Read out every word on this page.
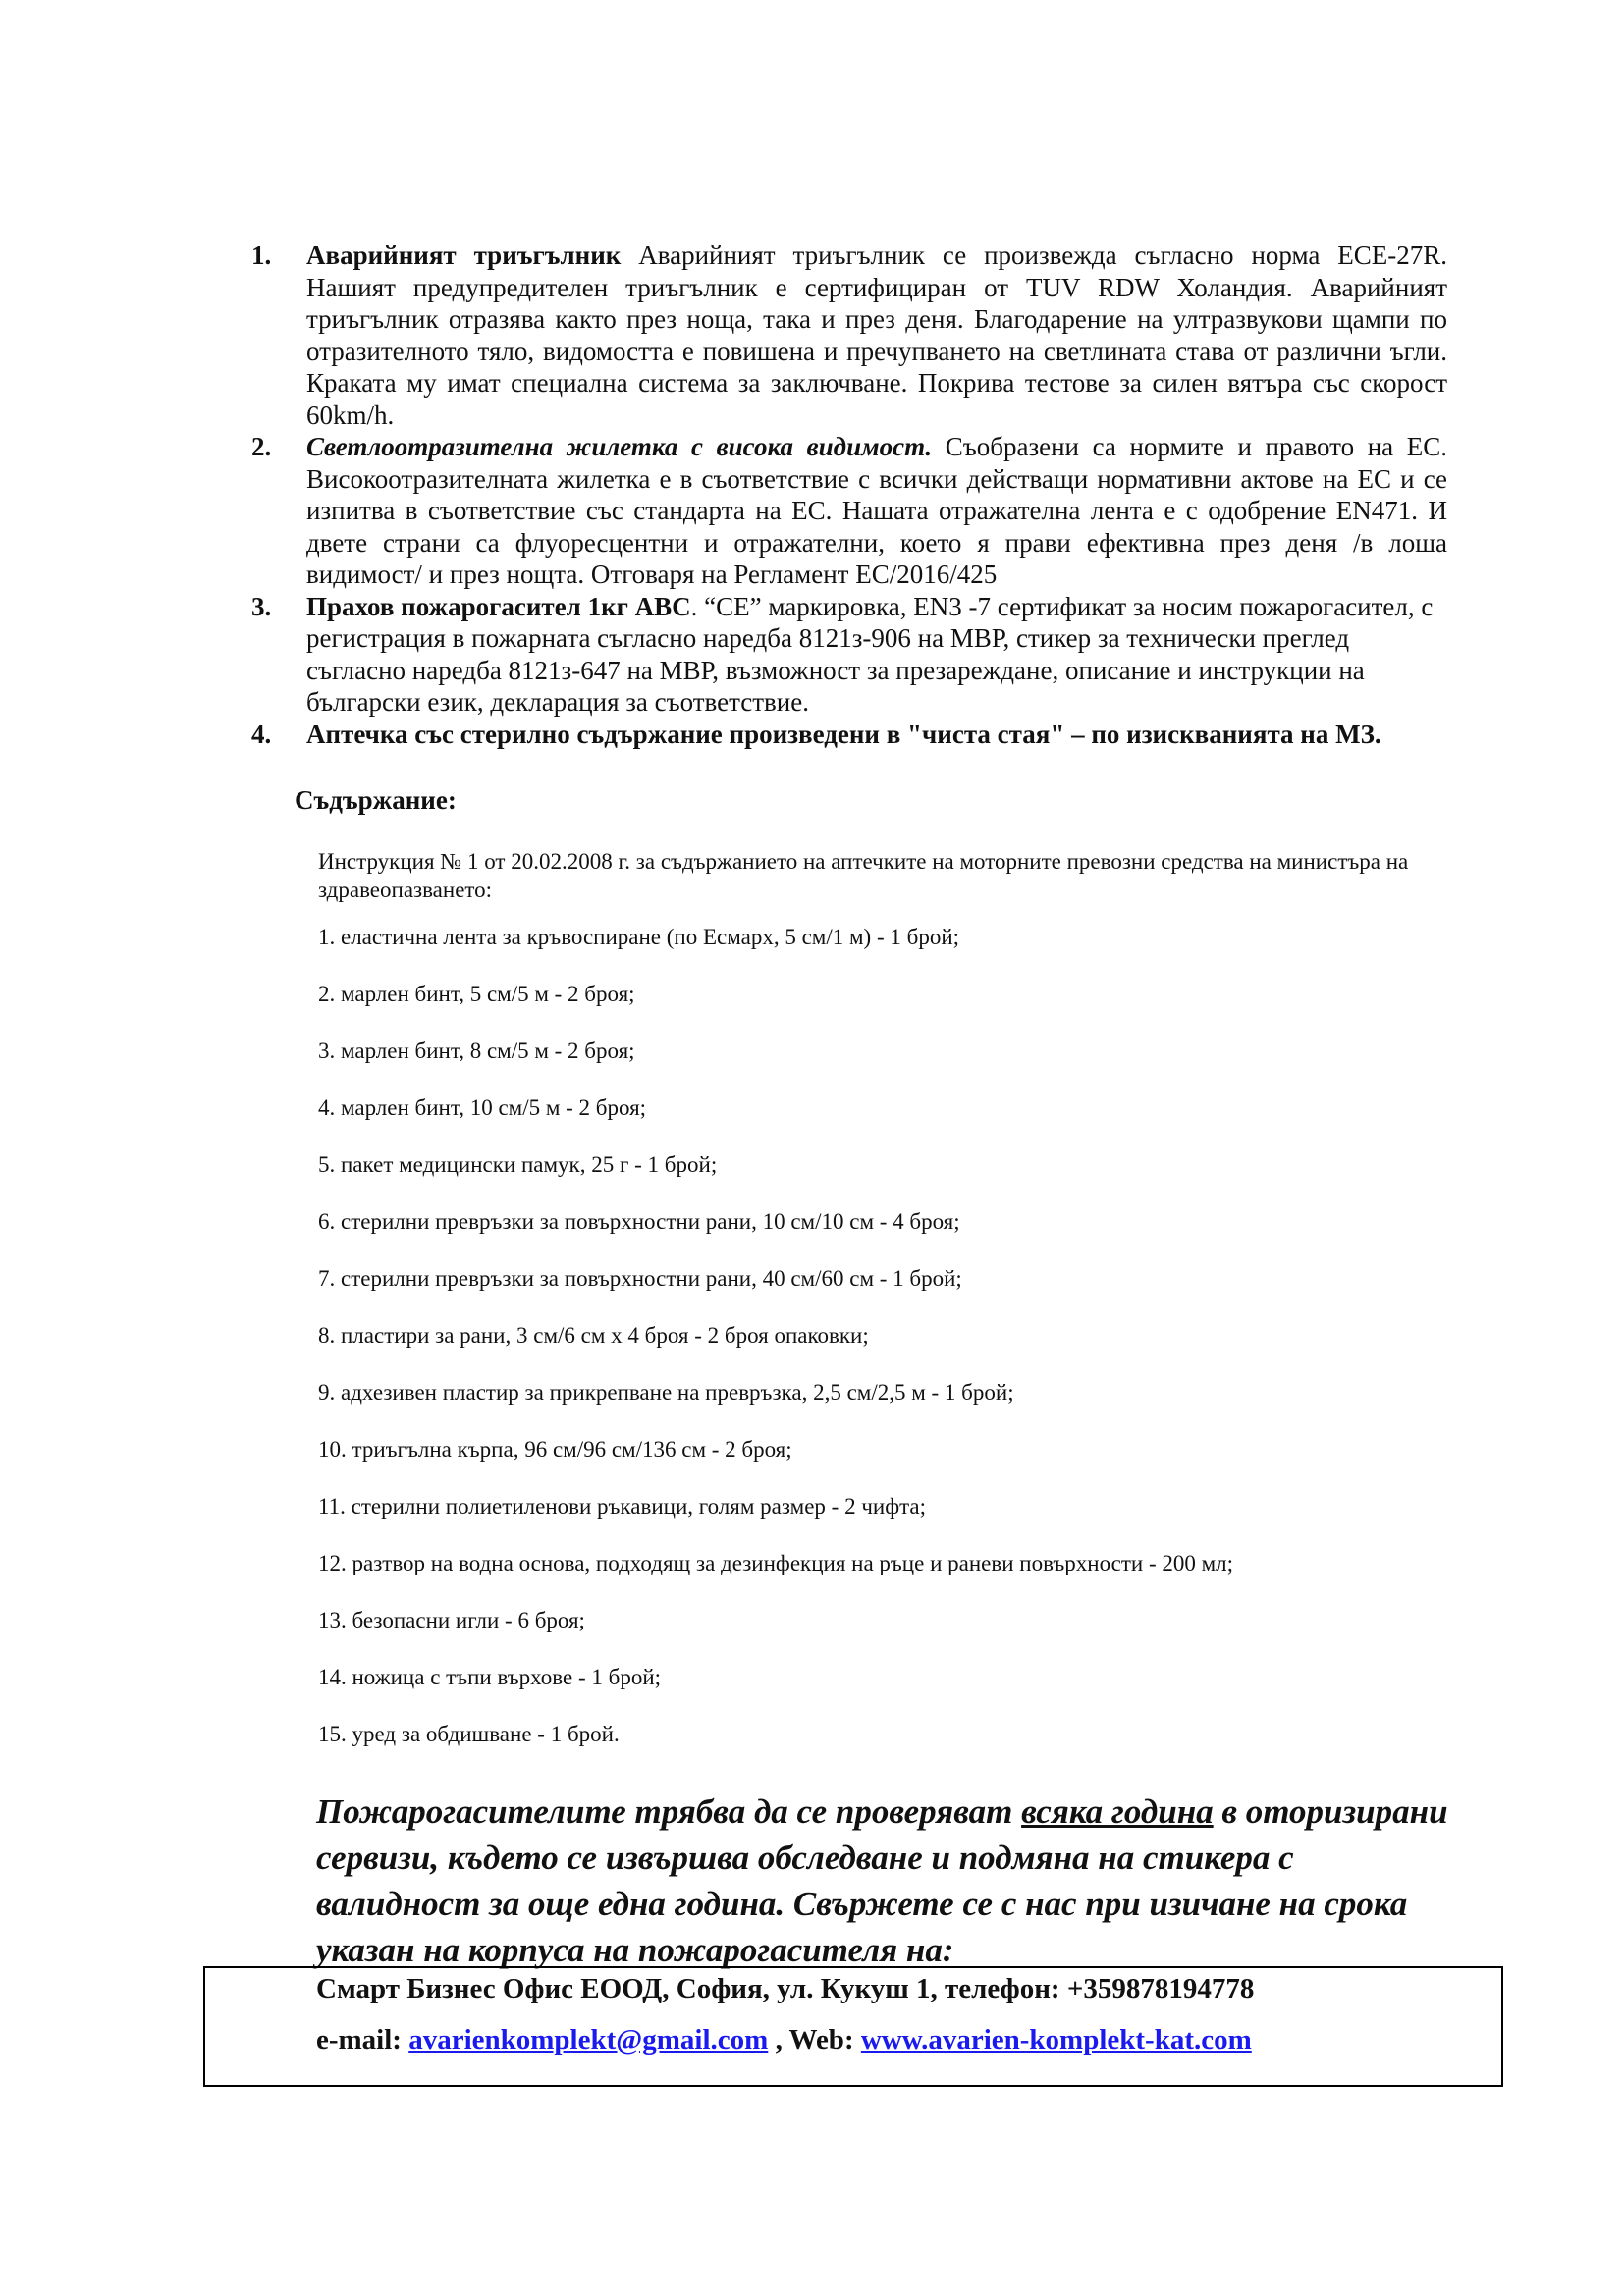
1. Аварийният триъгълник Аварийният триъгълник се произвежда съгласно норма ECE-27R. Нашият предупредителен триъгълник е сертифициран от TUV RDW Холандия. Аварийният триъгълник отразява както през ноща, така и през деня. Благодарение на ултразвукови щампи по отразителното тяло, видомостта е повишена и пречупването на светлината става от различни ъгли. Краката му имат специална система за заключване. Покрива тестове за силен вятъра със скорост 60km/h.
2. Светлоотразителна жилетка с висока видимост. Съобразени са нормите и правото на ЕС. Високоотразителната жилетка е в съответствие с всички действащи нормативни актове на ЕС и се изпитва в съответствие със стандарта на ЕС. Нашата отражателна лента е с одобрение EN471. И двете страни са флуоресцентни и отражателни, което я прави ефективна през деня /в лоша видимост/ и през нощта. Отговаря на Регламент ЕС/2016/425
3. Прахов пожарогасител 1кг ABC. “CE” маркировка, EN3 -7 сертификат за носим пожарогасител, с регистрация в пожарната съгласно наредба 8121з-906 на МВР, стикер за технически преглед съгласно наредба 8121з-647 на МВР, възможност за презареждане, описание и инструкции на български език, декларация за съответствие.
4. Аптечка със стерилно съдържание произведени в "чиста стая" – по изискванията на МЗ.

Съдържание:

Инструкция № 1 от 20.02.2008 г. за съдържанието на аптечките на моторните превозни средства на министъра на здравеопазването:

1. еластична лента за кръвоспиране (по Есмарх, 5 см/1 м) - 1 брой;
2. марлен бинт, 5 см/5 м - 2 броя;
3. марлен бинт, 8 см/5 м - 2 броя;
4. марлен бинт, 10 см/5 м - 2 броя;
5. пакет медицински памук, 25 г - 1 брой;
6. стерилни превръзки за повърхностни рани, 10 см/10 см - 4 броя;
7. стерилни превръзки за повърхностни рани, 40 см/60 см - 1 брой;
8. пластири за рани, 3 см/6 см х 4 броя - 2 броя опаковки;
9. адхезивен пластир за прикрепване на превръзка, 2,5 см/2,5 м - 1 брой;
10. триъгълна кърпа, 96 см/96 см/136 см - 2 броя;
11. стерилни полиетиленови ръкавици, голям размер - 2 чифта;
12. разтвор на водна основа, подходящ за дезинфекция на ръце и раневи повърхности - 200 мл;
13. безопасни игли - 6 броя;
14. ножица с тъпи върхове - 1 брой;
15. уред за обдишване - 1 брой.

Пожарогасителите трябва да се проверяват всяка година в оторизирани сервизи, където се извършва обследване и подмяна на стикера с валидност за още една година. Свържете се с нас при изичане на срока указан на корпуса на пожарогасителя на:

Смарт Бизнес Офис ЕООД, София, ул. Кукуш 1, телефон: +359878194778

e-mail: avarienkomplekt@gmail.com , Web: www.avarien-komplekt-kat.com
